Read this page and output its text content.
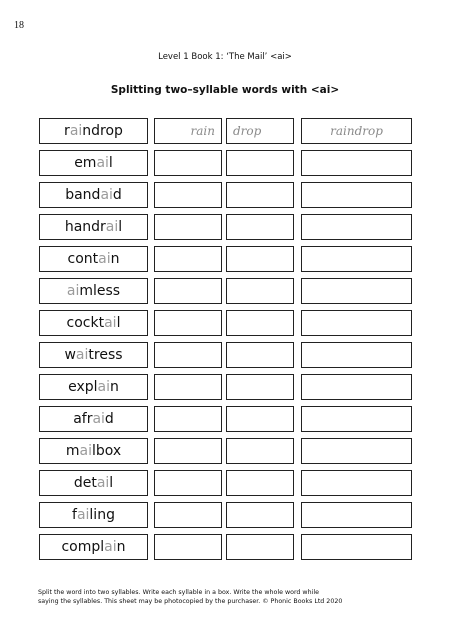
18
Level 1 Book 1: ‘The Mail’ <ai>
Splitting two–syllable words with <ai>
r ai ndrop	rain drop	raindrop
em ai l
band ai d
handr ai l
cont ai n
ai mless
cockt ai l
w ai tress
expl ai n
afr ai d
m ai lbox
det ai l
f ai ling
compl ai n
Split the word into two syllables. Write each syllable in a box. Write the whole word while
saying the syllables. This sheet may be photocopied by the purchaser. © Phonic Books Ltd 2020
